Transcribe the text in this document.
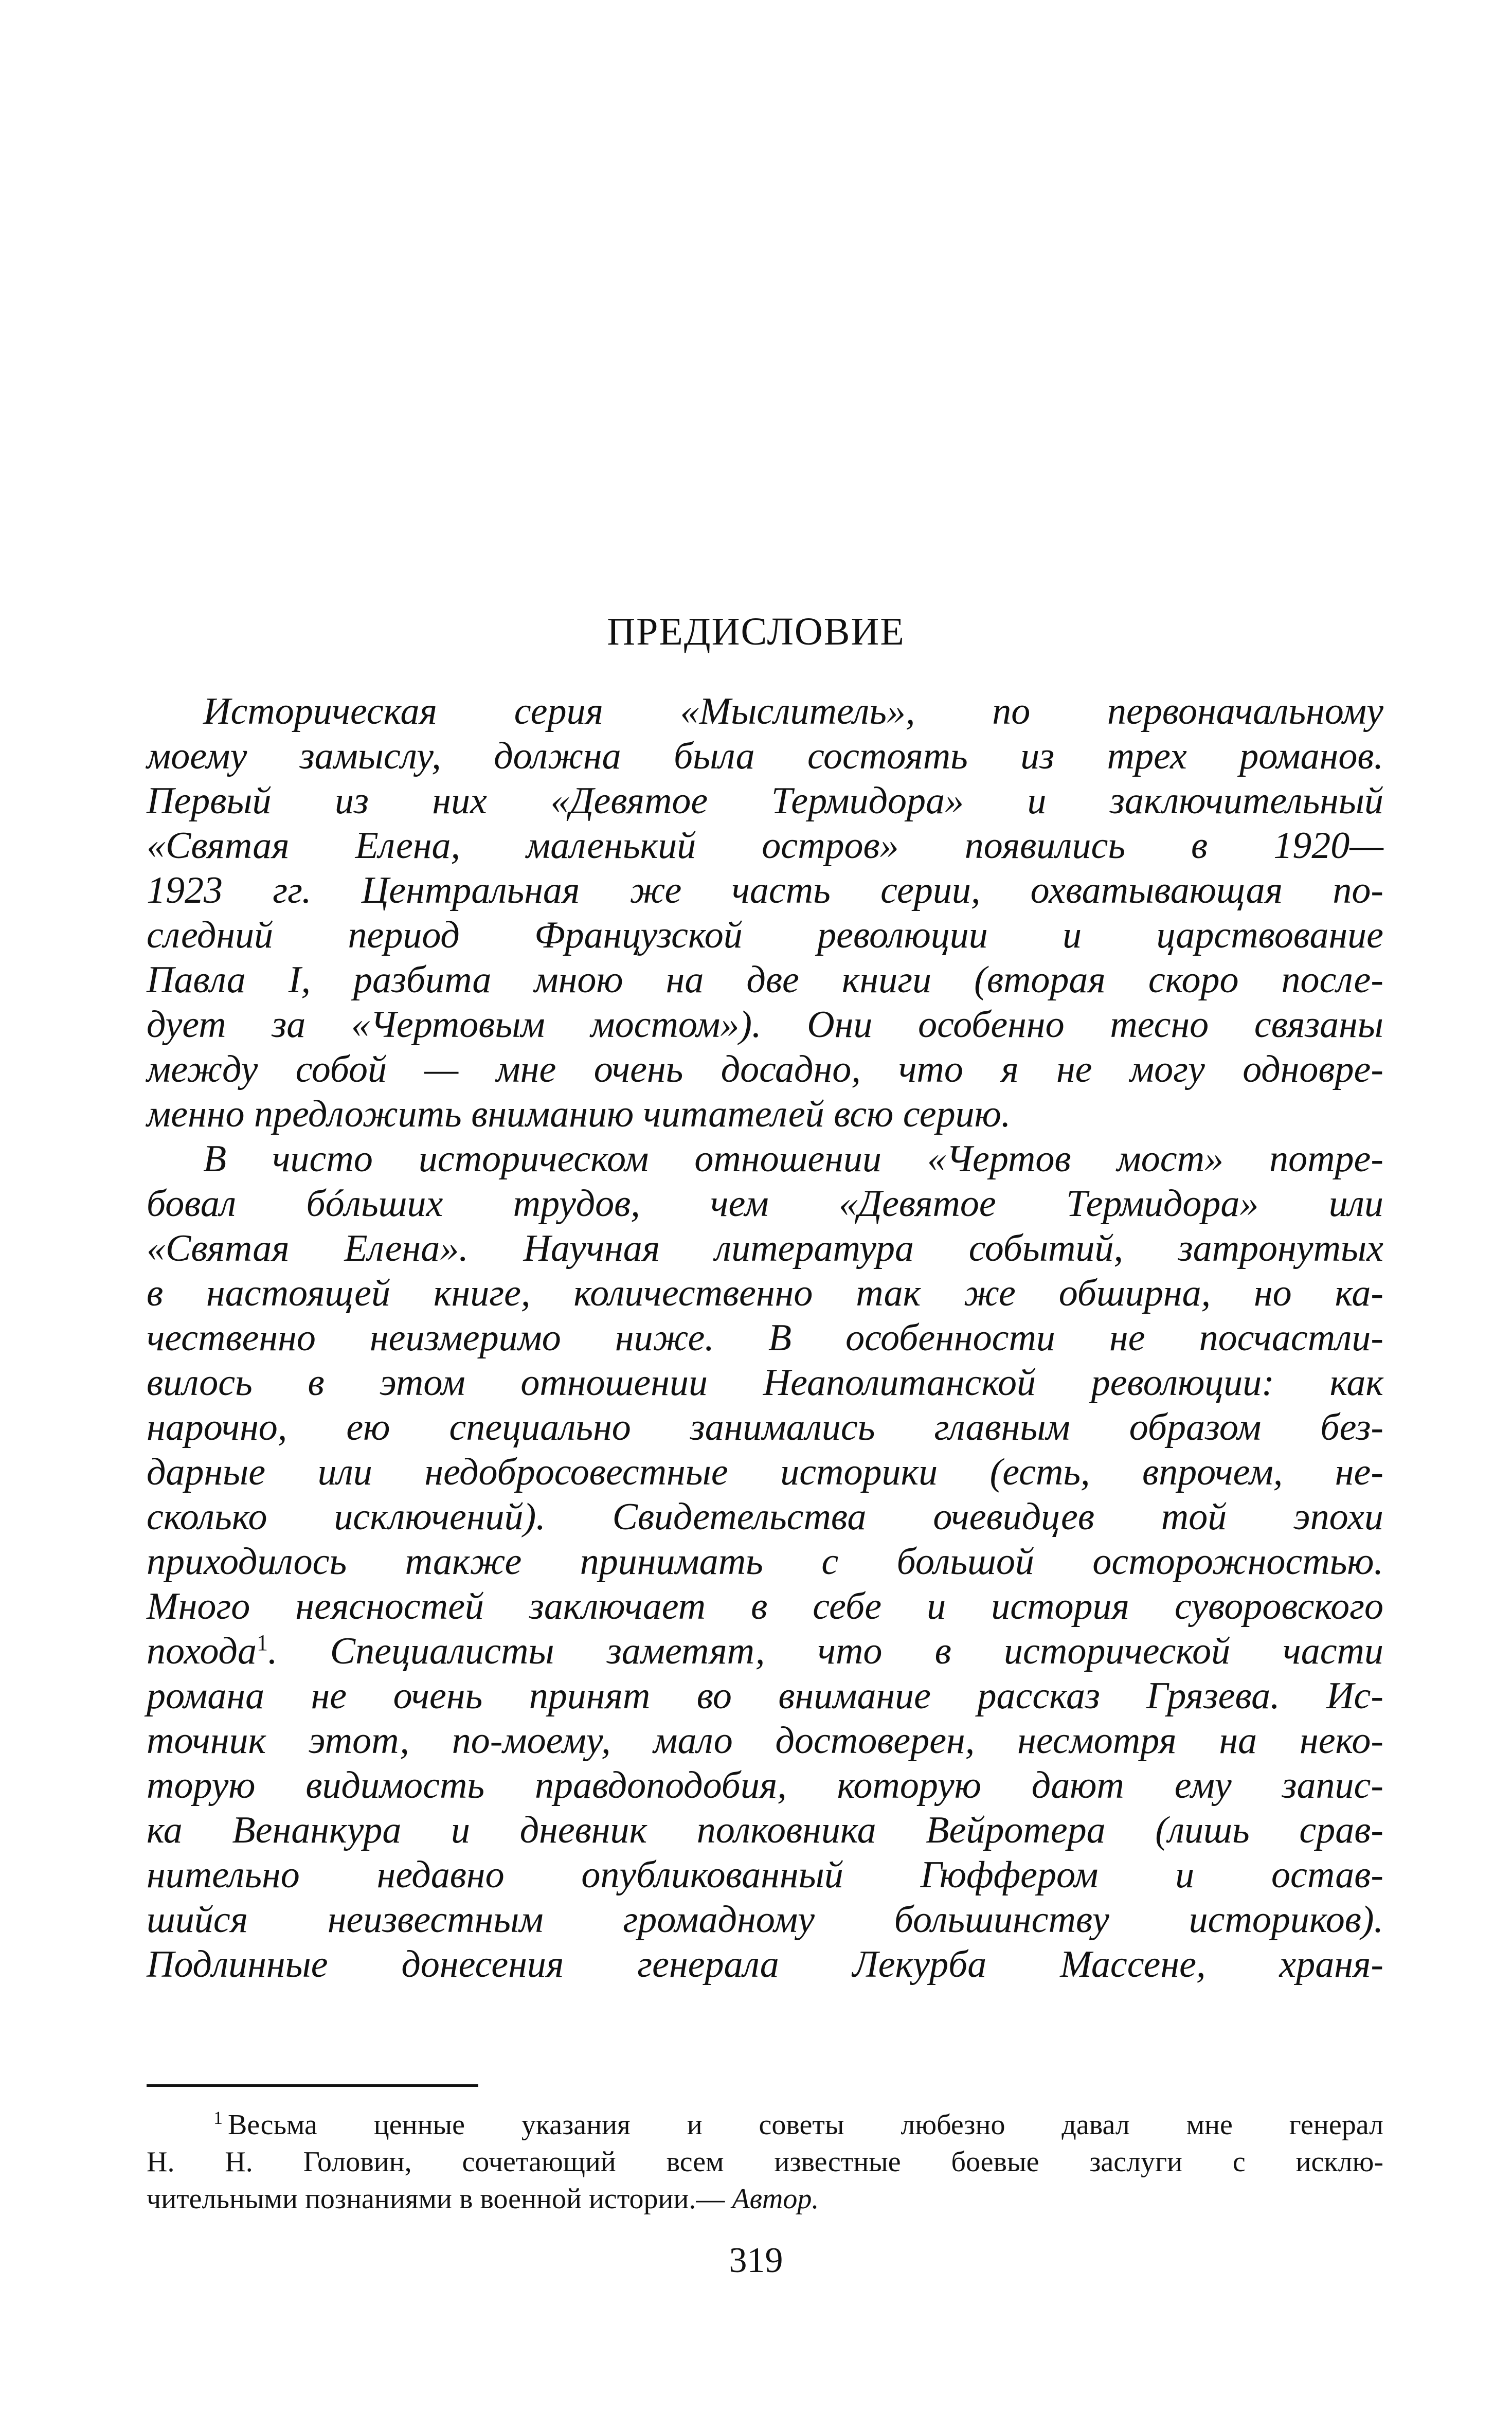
ПРЕДИСЛОВИЕ
Историческая серия «Мыслитель», по первоначальному
моему замыслу, должна была состоять из трех романов.
Первый из них «Девятое Термидора» и заключительный
«Святая Елена, маленький остров» появились в 1920—
1923 гг. Центральная же часть серии, охватывающая по-
следний период Французской революции и царствование
Павла I, разбита мною на две книги (вторая скоро после-
дует за «Чертовым мостом»). Они особенно тесно связаны
между собой — мне очень досадно, что я не могу одновре-
менно предложить вниманию читателей всю серию.
В чисто историческом отношении «Чертов мост» потре-
бовал бóльших трудов, чем «Девятое Термидора» или
«Святая Елена». Научная литература событий, затронутых
в настоящей книге, количественно так же обширна, но ка-
чественно неизмеримо ниже. В особенности не посчастли-
вилось в этом отношении Неаполитанской революции: как
нарочно, ею специально занимались главным образом без-
дарные или недобросовестные историки (есть, впрочем, не-
сколько исключений). Свидетельства очевидцев той эпохи
приходилось также принимать с большой осторожностью.
Много неясностей заключает в себе и история суворовского
похода$^1$. Специалисты заметят, что в исторической части
романа не очень принят во внимание рассказ Грязева. Ис-
точник этот, по-моему, мало достоверен, несмотря на неко-
торую видимость правдоподобия, которую дают ему запис-
ка Венанкура и дневник полковника Вейротера (лишь срав-
нительно недавно опубликованный Гюффером и остав-
шийся неизвестным громадному большинству историков).
Подлинные донесения генерала Лекурба Массене, храня-
$^1$ Весьма ценные указания и советы любезно давал мне генерал
Н. Н. Головин, сочетающий всем известные боевые заслуги с исклю-
чительными познаниями в военной истории.— Автор.
319
